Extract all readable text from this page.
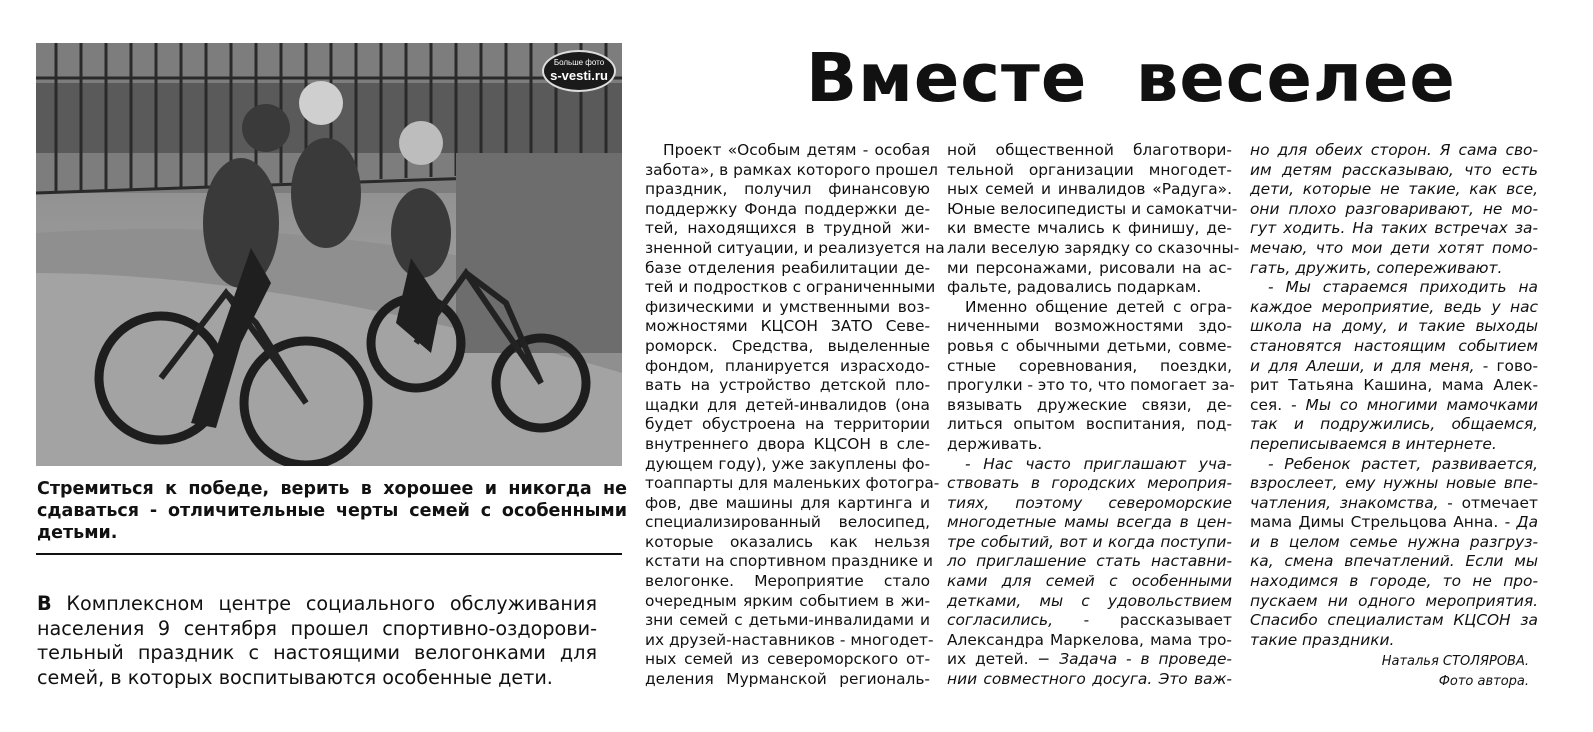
Больше фото
s-vesti.ru	Вместе  веселее
Стремиться к победе, верить в хорошее и никогда не
сдаваться - отличительные черты семей с особенными
детьми.
В Комплексном центре социального обслуживания
населения 9 сентября прошел спортивно-оздорови-
тельный праздник с настоящими велогонками для
семей, в которых воспитываются особенные дети.
Проект «Особым детям - особая
забота», в рамках которого прошел
праздник, получил финансовую
поддержку Фонда поддержки де-
тей, находящихся в трудной жи-
зненной ситуации, и реализуется на
базе отделения реабилитации де-
тей и подростков с ограниченными
физическими и умственными воз-
можностями КЦСОН ЗАТО Севе-
роморск. Средства, выделенные
фондом, планируется израсходо-
вать на устройство детской пло-
щадки для детей-инвалидов (она
будет обустроена на территории
внутреннего двора КЦСОН в сле-
дующем году), уже закуплены фо-
тоаппарты для маленьких фотогра-
фов, две машины для картинга и
специализированный велосипед,
которые оказались как нельзя
кстати на спортивном празднике и
велогонке. Мероприятие стало
очередным ярким событием в жи-
зни семей с детьми-инвалидами и
их друзей-наставников - многодет-
ных семей из североморского от-
деления Мурманской региональ-
ной общественной благотвори-
тельной организации многодет-
ных семей и инвалидов «Радуга».
Юные велосипедисты и самокатчи-
ки вместе мчались к финишу, де-
лали веселую зарядку со сказочны-
ми персонажами, рисовали на ас-
фальте, радовались подаркам.
Именно общение детей с огра-
ниченными возможностями здо-
ровья с обычными детьми, совме-
стные соревнования, поездки,
прогулки - это то, что помогает за-
вязывать дружеские связи, де-
литься опытом воспитания, под-
держивать.
- Нас часто приглашают уча-
ствовать в городских мероприя-
тиях, поэтому североморские
многодетные мамы всегда в цен-
тре событий, вот и когда поступи-
ло приглашение стать наставни-
ками для семей с особенными
детками, мы с удовольствием
согласились, - рассказывает
Александра Маркелова, мама тро-
их детей. − Задача - в проведе-
нии совместного досуга. Это важ-
но для обеих сторон. Я сама сво-
им детям рассказываю, что есть
дети, которые не такие, как все,
они плохо разговаривают, не мо-
гут ходить. На таких встречах за-
мечаю, что мои дети хотят помо-
гать, дружить, сопереживают.
- Мы стараемся приходить на
каждое мероприятие, ведь у нас
школа на дому, и такие выходы
становятся настоящим событием
и для Алеши, и для меня, - гово-
рит Татьяна Кашина, мама Алек-
сея. - Мы со многими мамочками
так и подружились, общаемся,
переписываемся в интернете.
- Ребенок растет, развивается,
взрослеет, ему нужны новые впе-
чатления, знакомства, - отмечает
мама Димы Стрельцова Анна. - Да
и в целом семье нужна разгруз-
ка, смена впечатлений. Если мы
находимся в городе, то не про-
пускаем ни одного мероприятия.
Спасибо специалистам КЦСОН за
такие праздники.
Наталья СТОЛЯРОВА.
Фото автора.
